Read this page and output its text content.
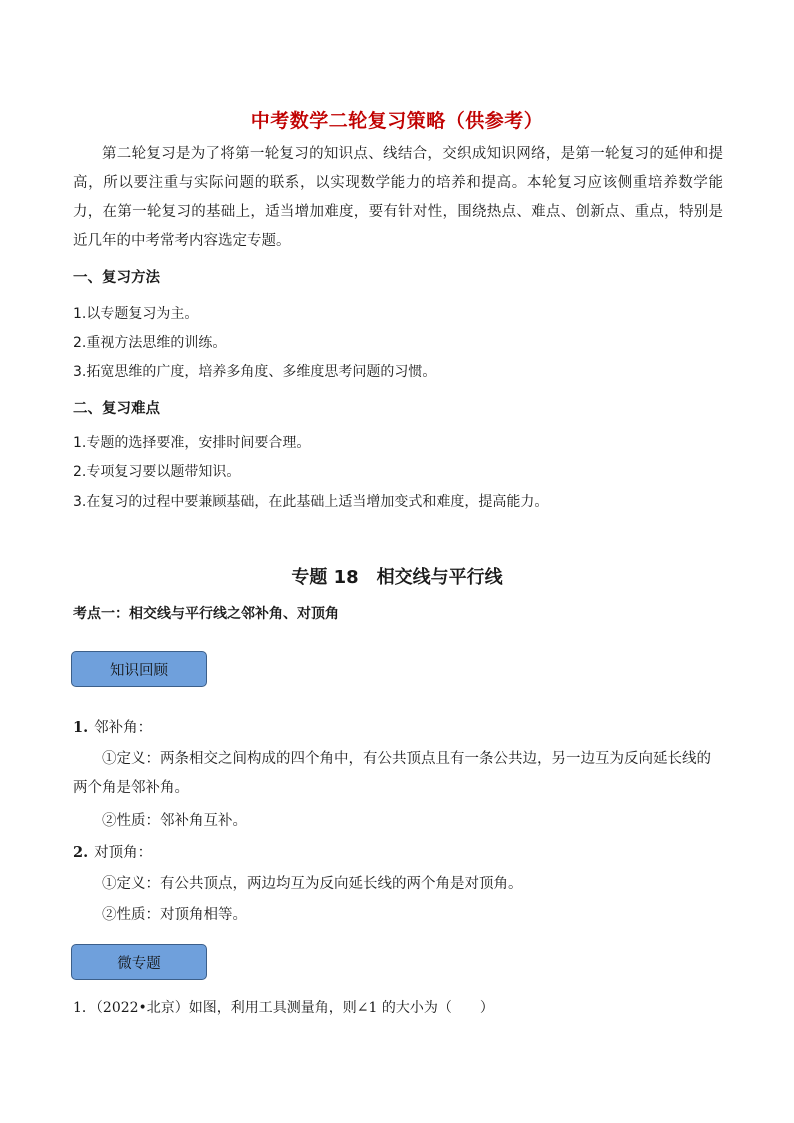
中考数学二轮复习策略（供参考）
第二轮复习是为了将第一轮复习的知识点、线结合，交织成知识网络，是第一轮复习的延伸和提高，所以要注重与实际问题的联系，以实现数学能力的培养和提高。本轮复习应该侧重培养数学能力，在第一轮复习的基础上，适当增加难度，要有针对性，围绕热点、难点、创新点、重点，特别是近几年的中考常考内容选定专题。
一、复习方法
1.以专题复习为主。
2.重视方法思维的训练。
3.拓宽思维的广度，培养多角度、多维度思考问题的习惯。
二、复习难点
1.专题的选择要准，安排时间要合理。
2.专项复习要以题带知识。
3.在复习的过程中要兼顾基础，在此基础上适当增加变式和难度，提高能力。
专题 18　相交线与平行线
考点一：相交线与平行线之邻补角、对顶角
知识回顾
1. 邻补角：
①定义：两条相交之间构成的四个角中，有公共顶点且有一条公共边，另一边互为反向延长线的两个角是邻补角。
②性质：邻补角互补。
2. 对顶角：
①定义：有公共顶点，两边均互为反向延长线的两个角是对顶角。
②性质：对顶角相等。
微专题
1．（2022•北京）如图，利用工具测量角，则∠1 的大小为（　　）
